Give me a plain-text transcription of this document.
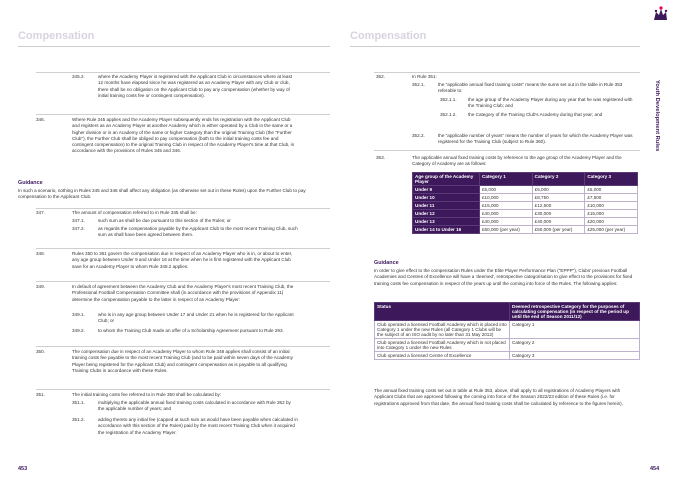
Compensation
345.2.	where the Academy Player is registered with the Applicant Club in circumstances where at least 12 months have elapsed since he was registered as an Academy Player with any Club or club, there shall be no obligation on the Applicant Club to pay any compensation (whether by way of initial training costs fee or contingent compensation).
346.	Where Rule 345 applies and the Academy Player subsequently ends his registration with the Applicant Club and registers as an Academy Player at another Academy which is either operated by a Club in the same or a higher division or is an Academy of the same or higher Category than the original Training Club (the "Further Club"), the Further Club shall be obliged to pay compensation (both to the initial training costs fee and contingent compensation) to the original Training Club in respect of the Academy Player's time at that Club, in accordance with the provisions of Rules 345 and 346.
Guidance
In such a scenario, nothing in Rules 345 and 346 shall affect any obligation (as otherwise set out in these Rules) upon the Further Club to pay compensation to the Applicant Club.
347.	The amount of compensation referred to in Rule 345 shall be:
347.1.	such sum as shall be due pursuant to this section of the Rules; or
347.2.	as regards the compensation payable by the Applicant Club to the most recent Training Club, such sum as shall have been agreed between them.
348.	Rules 350 to 361 govern the compensation due in respect of an Academy Player who is in, or about to enter, any age group between Under 9 and Under 16 at the time when he is first registered with the Applicant Club save for an Academy Player to whom Rule 348.2 applies.
349.	In default of agreement between the Academy Club and the Academy Player's most recent Training Club, the Professional Football Compensation Committee shall (in accordance with the provisions of Appendix 11) determine the compensation payable to the latter in respect of an Academy Player:
349.1.	who is in any age group between Under 17 and Under 21 when he is registered for the Applicant Club; or
349.2.	to whom the Training Club made an offer of a Scholarship Agreement pursuant to Rule 293.
350.	The compensation due in respect of an Academy Player to whom Rule 348 applies shall consist of an initial training costs fee payable to the most recent Training Club (and to be paid within seven days of the Academy Player being registered for the Applicant Club) and contingent compensation as is payable to all qualifying Training Clubs in accordance with these Rules.
351.	The initial training costs fee referred to in Rule 350 shall be calculated by:
351.1.	multiplying the applicable annual fixed training costs calculated in accordance with Rule 352 by the applicable number of years; and
351.2.	adding thereto any initial fee (capped at such sum as would have been payable when calculated in accordance with this section of the Rules) paid by the most recent Training Club when it acquired the registration of the Academy Player.
453
Compensation
352.	In Rule 351:
352.1.	the "applicable annual fixed training costs" means the sums set out in the table in Rule 353 referable to:
352.1.1. the age group of the Academy Player during any year that he was registered with the Training Club; and
352.1.2. the Category of the Training Club's Academy during that year; and
352.2.	the "applicable number of years" means the number of years for which the Academy Player was registered for the Training Club (subject to Rule 360).
353.	The applicable annual fixed training costs by reference to the age group of the Academy Player and the Category of Academy are as follows:
Age group of the Academy Player	Category 1	Category 2	Category 3
Under 9	£5,000	£5,000	£5,000
Under 10	£10,000	£8,750	£7,500
Under 11	£15,000	£12,500	£10,000
Under 12	£40,000	£30,000	£15,000
Under 13	£40,000	£40,000	£20,000
Under 14 to Under 16	£60,000 (per year)	£50,000 (per year)	£25,000 (per year)
Guidance
In order to give effect to the compensation Rules under the Elite Player Performance Plan ("EPPP"), Clubs' previous Football Academies and Centres of Excellence will have a 'deemed', retrospective categorisation to give effect to the provisions for fixed training costs fee compensation in respect of the years up until the coming into force of the Rules. The following applies:
Status	Deemed retrospective Category for the purposes of calculating compensation (in respect of the period up until the end of Season 2011/12)
Club operated a licensed Football Academy which is placed into Category 1 under the new Rules (all Category 1 Clubs will be the subject of an ISO audit by no later than 31 May 2012)	Category 1
Club operated a licensed Football Academy which is not placed into Category 1 under the new Rules	Category 2
Club operated a licensed Centre of Excellence	Category 3
The annual fixed training costs set out in table at Rule 353, above, shall apply to all registrations of Academy Players with Applicant Clubs that are approved following the coming into force of the Season 2022/23 edition of these Rules (i.e. for registrations approved from that date, the annual fixed training costs shall be calculated by reference to the figures herein).
454
Youth Development Rules
